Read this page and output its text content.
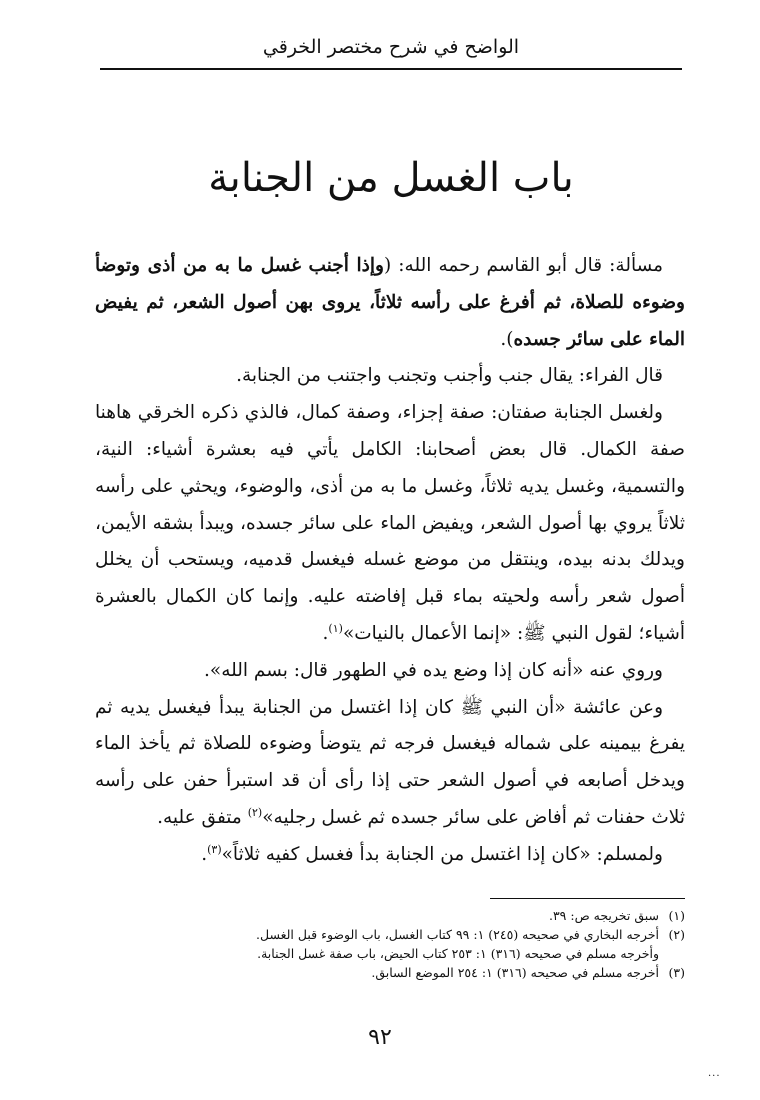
الواضح في شرح مختصر الخرقي
باب الغسل من الجنابة

مسألة: قال أبو القاسم رحمه الله: (وإذا أجنب غسل ما به من أذى وتوضأ وضوءه للصلاة، ثم أفرغ على رأسه ثلاثاً، يروى بهن أصول الشعر، ثم يفيض الماء على سائر جسده).

قال الفراء: يقال جنب وأجنب وتجنب واجتنب من الجنابة.

ولغسل الجنابة صفتان: صفة إجزاء، وصفة كمال، فالذي ذكره الخرقي هاهنا صفة الكمال. قال بعض أصحابنا: الكامل يأتي فيه بعشرة أشياء: النية، والتسمية، وغسل يديه ثلاثاً، وغسل ما به من أذى، والوضوء، ويحثي على رأسه ثلاثاً يروي بها أصول الشعر، ويفيض الماء على سائر جسده، ويبدأ بشقه الأيمن، ويدلك بدنه بيده، وينتقل من موضع غسله فيغسل قدميه، ويستحب أن يخلل أصول شعر رأسه ولحيته بماء قبل إفاضته عليه. وإنما كان الكمال بالعشرة أشياء؛ لقول النبي ﷺ: «إنما الأعمال بالنيات»$^{(١)}$.

وروي عنه «أنه كان إذا وضع يده في الطهور قال: بسم الله».

وعن عائشة «أن النبي ﷺ كان إذا اغتسل من الجنابة يبدأ فيغسل يديه ثم يفرغ بيمينه على شماله فيغسل فرجه ثم يتوضأ وضوءه للصلاة ثم يأخذ الماء ويدخل أصابعه في أصول الشعر حتى إذا رأى أن قد استبرأ حفن على رأسه ثلاث حفنات ثم أفاض على سائر جسده ثم غسل رجليه»$^{(٢)}$ متفق عليه.

ولمسلم: «كان إذا اغتسل من الجنابة بدأ فغسل كفيه ثلاثاً»$^{(٣)}$.

(١)سبق تخريجه ص: ٣٩.

(٢)أخرجه البخاري في صحيحه (٢٤٥) ١: ٩٩ كتاب الغسل، باب الوضوء قبل الغسل.

وأخرجه مسلم في صحيحه (٣١٦) ١: ٢٥٣ كتاب الحيض، باب صفة غسل الجنابة.

(٣)أخرجه مسلم في صحيحه (٣١٦) ١: ٢٥٤ الموضع السابق.

٩٢
...
